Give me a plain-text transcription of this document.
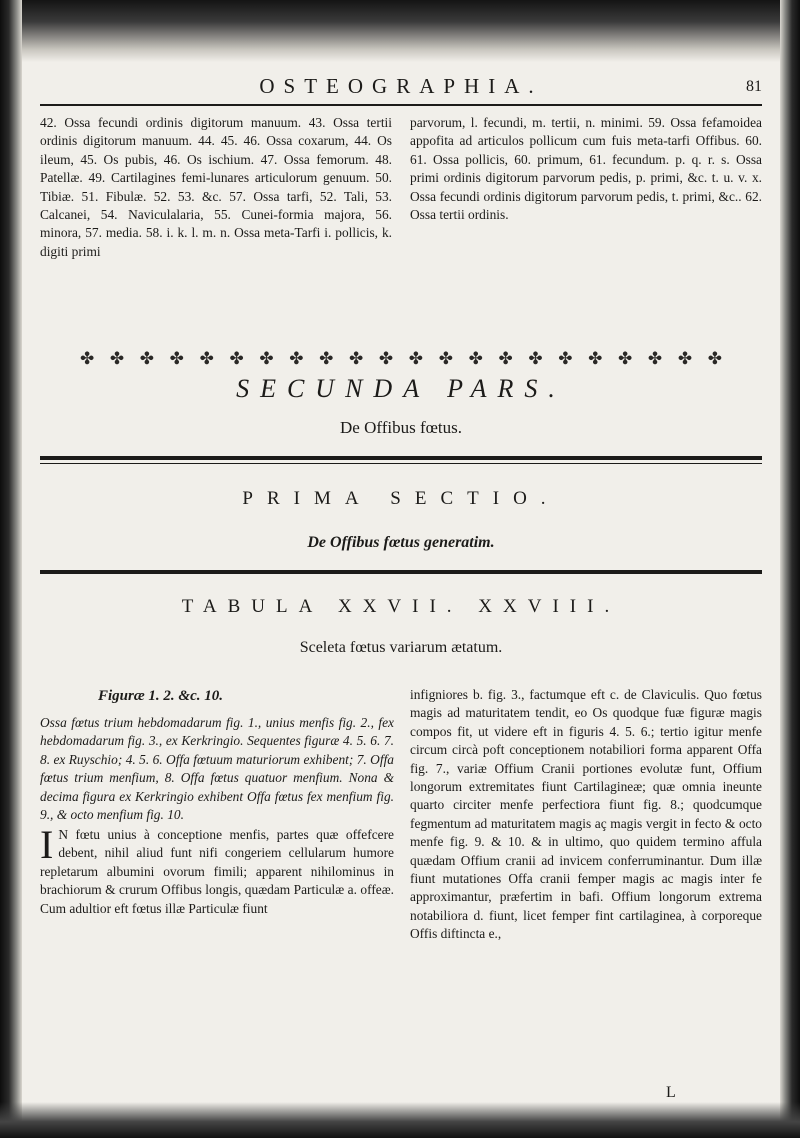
OSTEOGRAPHIA.	81

42. Ossa fecundi ordinis digitorum manuum. 43. Ossa tertii ordinis digitorum manuum. 44. 45. 46. Ossa coxarum, 44. Os ileum, 45. Os pubis, 46. Os ischium. 47. Ossa femorum. 48. Patellæ. 49. Cartilagines femi-lunares articulorum genuum. 50. Tibiæ. 51. Fibulæ. 52. 53. &c. 57. Ossa tarfi, 52. Tali, 53. Calcanei, 54. Naviculalaria, 55. Cunei-formia majora, 56. minora, 57. media. 58. i. k. l. m. n. Ossa meta-Tarfi i. pollicis, k. digiti primi

parvorum, l. fecundi, m. tertii, n. minimi. 59. Ossa fefamoidea appofita ad articulos pollicum cum fuis meta-tarfi Offibus. 60. 61. Ossa pollicis, 60. primum, 61. fecundum. p. q. r. s. Ossa primi ordinis digitorum parvorum pedis, p. primi, &c. t. u. v. x. Ossa fecundi ordinis digitorum parvorum pedis, t. primi, &c.. 62. Ossa tertii ordinis.

✤ ✤ ✤ ✤ ✤ ✤ ✤ ✤ ✤ ✤ ✤ ✤ ✤ ✤ ✤ ✤ ✤ ✤ ✤ ✤ ✤ ✤
SECUNDA PARS.
De Offibus fœtus.
PRIMA SECTIO.
De Offibus fœtus generatim.
TABULA XXVII. XXVIII.
Sceleta fœtus variarum ætatum.
Figuræ 1. 2. &c. 10.

Ossa fœtus trium hebdomadarum fig. 1., unius menfis fig. 2., fex hebdomadarum fig. 3., ex Kerkringio. Sequentes figuræ 4. 5. 6. 7. 8. ex Ruyschio; 4. 5. 6. Offa fœtuum maturiorum exhibent; 7. Offa fœtus trium menfium, 8. Offa fœtus quatuor menfium. Nona & decima figura ex Kerkringio exhibent Offa fœtus fex menfium fig. 9., & octo menfium fig. 10.

I N fœtu unius à conceptione menfis, partes quæ offefcere debent, nihil aliud funt nifi congeriem cellularum humore repletarum albumini ovorum fimili; apparent nihilominus in brachiorum & crurum Offibus longis, quædam Particulæ a. offeæ. Cum adultior eft fœtus illæ Particulæ fiunt

infigniores b. fig. 3., factumque eft c. de Claviculis. Quo fœtus magis ad maturitatem tendit, eo Os quodque fuæ figuræ magis compos fit, ut videre eft in figuris 4. 5. 6.; tertio igitur menfe circum circà poft conceptionem notabiliori forma apparent Offa fig. 7., variæ Offium Cranii portiones evolutæ funt, Offium longorum extremitates fiunt Cartilagineæ; quæ omnia ineunte quarto circiter menfe perfectiora fiunt fig. 8.; quodcumque fegmentum ad maturitatem magis aç magis vergit in fecto & octo menfe fig. 9. & 10. & in ultimo, quo quidem termino affula quædam Offium cranii ad invicem conferruminantur. Dum illæ fiunt mutationes Offa cranii femper magis ac magis inter fe approximantur, præfertim in bafi. Offium longorum extrema notabiliora d. fiunt, licet femper fint cartilaginea, à corporeque Offis diftincta e.,

L
